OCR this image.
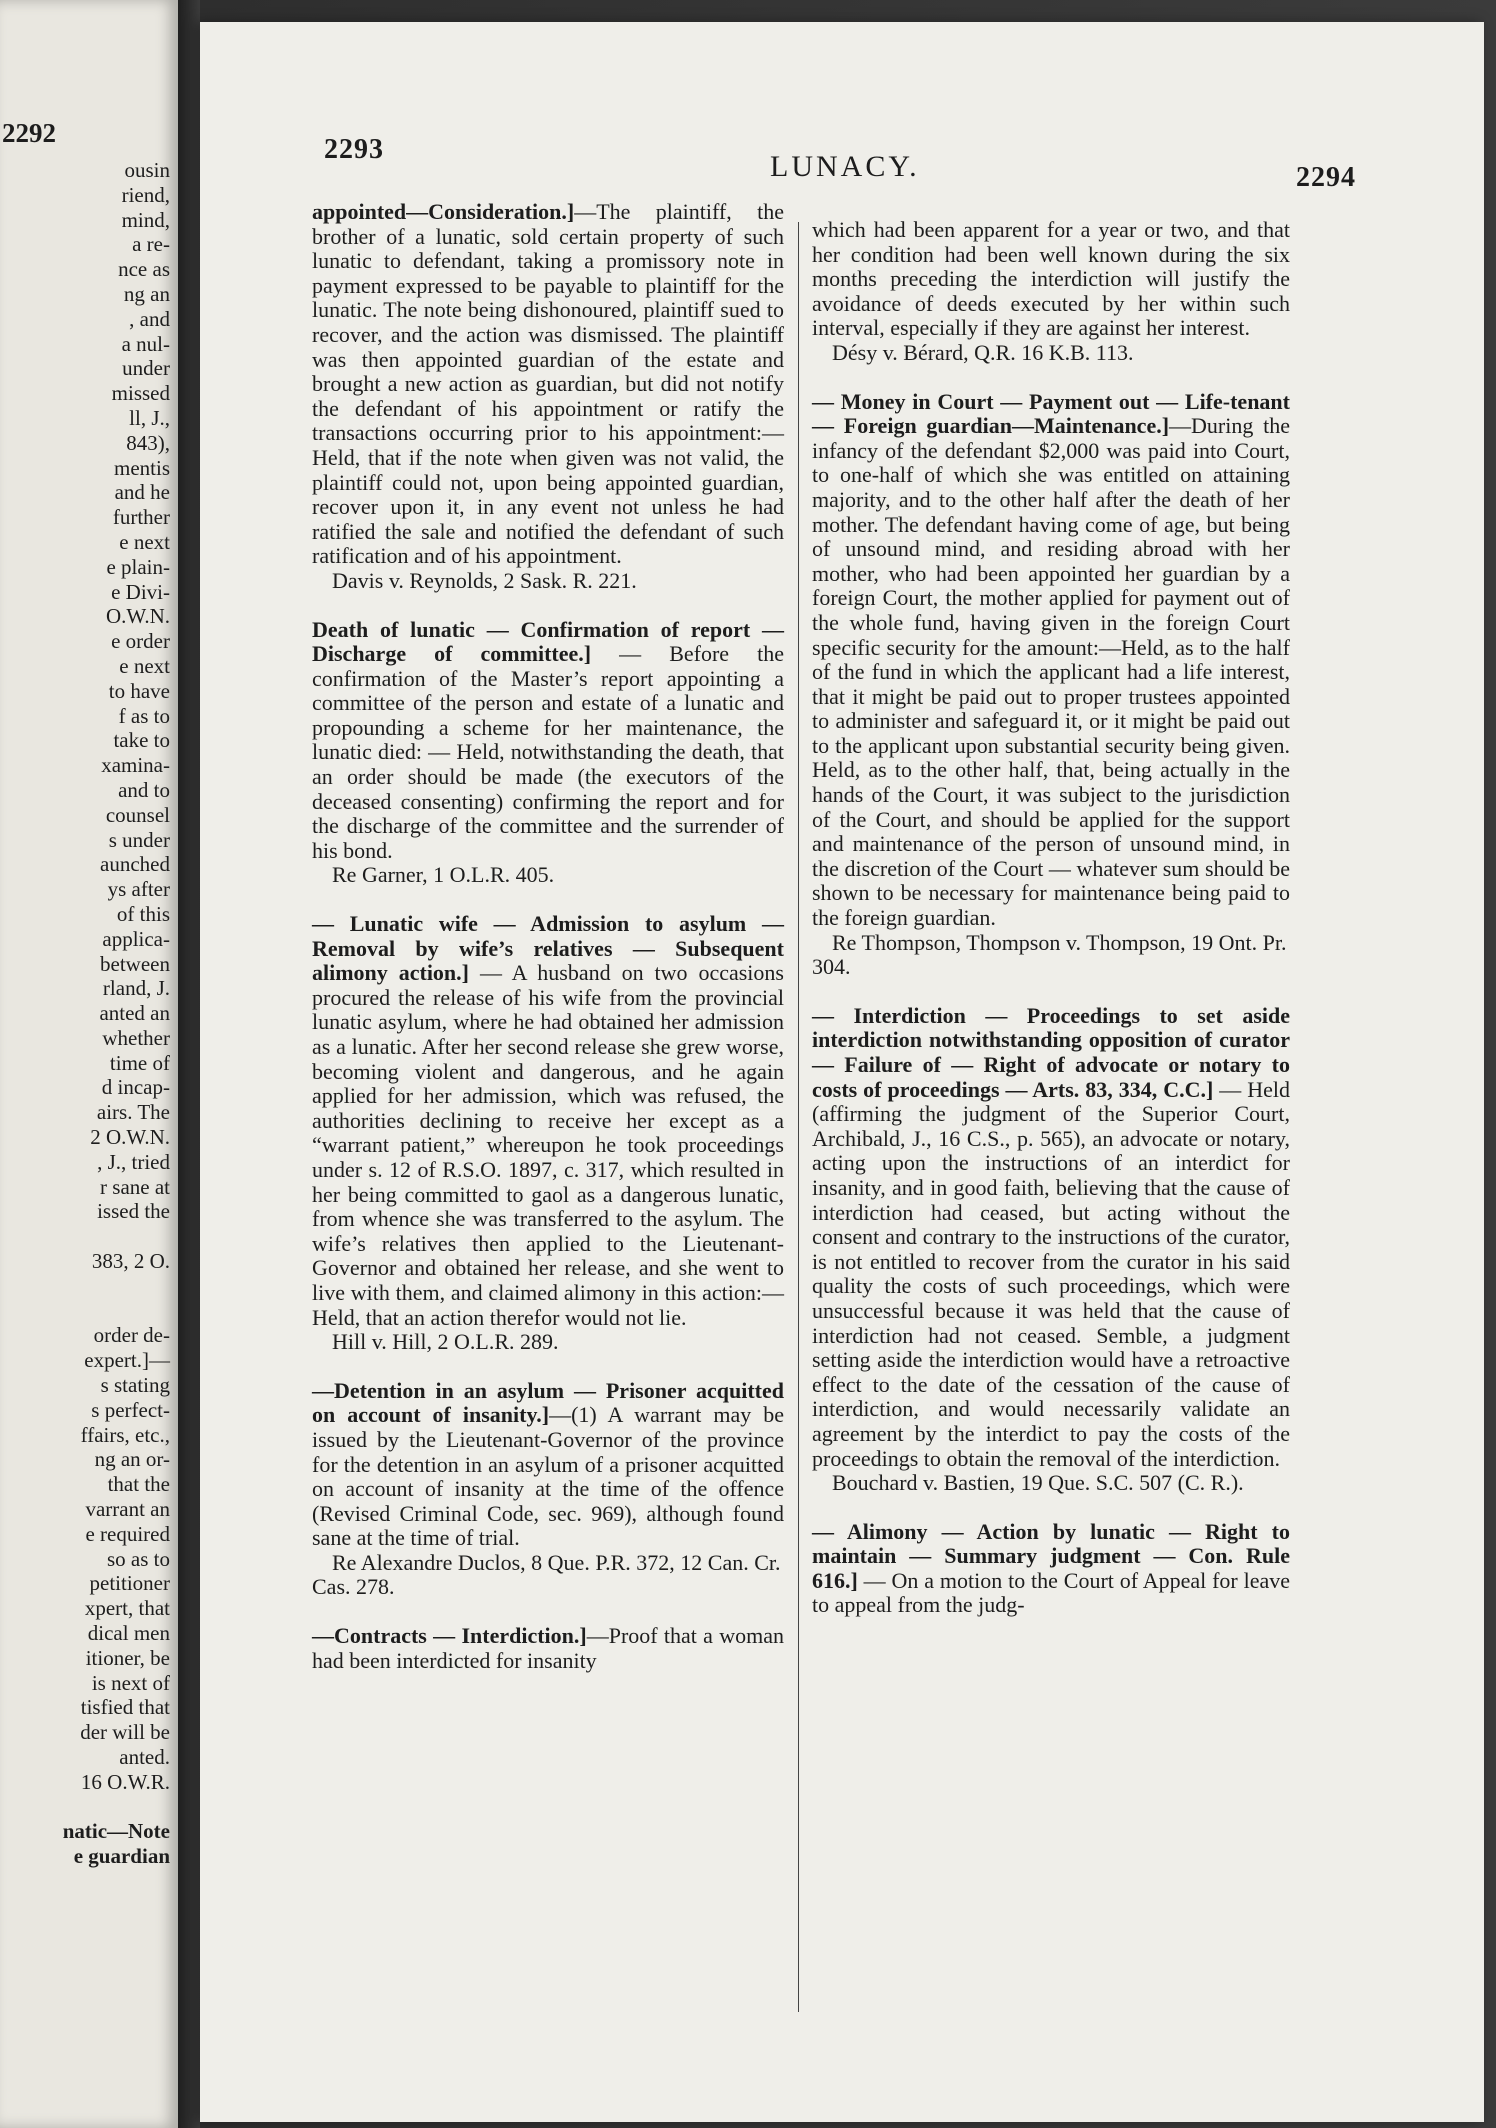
2292
ousin
riend,
mind,
a re-
nce as
ng an
, and
a nul-
under
missed
ll, J.,
843),
mentis
and he
further
e next
e plain-
e Divi-
O.W.N.
e order
e next
to have
f as to
take to
xamina-
and to
counsel
s under
aunched
ys after
of this
applica-
between
rland, J.
anted an
whether
time of
d incap-
airs. The
2 O.W.N.
, J., tried
r sane at
issed the
383, 2 O.
order de-
expert.]—
s stating
s perfect-
ffairs, etc.,
ng an or-
that the
varrant an
e required
so as to
petitioner
xpert, that
dical men
itioner, be
is next of
tisfied that
der will be
anted.
16 O.W.R.
natic—Note
e guardian
2293
LUNACY.	2294

appointed—Consideration.]—The plaintiff, the brother of a lunatic, sold certain property of such lunatic to defendant, taking a promissory note in payment expressed to be payable to plaintiff for the lunatic. The note being dishonoured, plaintiff sued to recover, and the action was dismissed. The plaintiff was then appointed guardian of the estate and brought a new action as guardian, but did not notify the defendant of his appointment or ratify the transactions occurring prior to his appointment:—Held, that if the note when given was not valid, the plaintiff could not, upon being appointed guardian, recover upon it, in any event not unless he had ratified the sale and notified the defendant of such ratification and of his appointment.

Davis v. Reynolds, 2 Sask. R. 221.

Death of lunatic — Confirmation of report — Discharge of committee.] — Before the confirmation of the Master’s report appointing a committee of the person and estate of a lunatic and propounding a scheme for her maintenance, the lunatic died: — Held, notwithstanding the death, that an order should be made (the executors of the deceased consenting) confirming the report and for the discharge of the committee and the surrender of his bond.

Re Garner, 1 O.L.R. 405.

— Lunatic wife — Admission to asylum — Removal by wife’s relatives — Subsequent alimony action.] — A husband on two occasions procured the release of his wife from the provincial lunatic asylum, where he had obtained her admission as a lunatic. After her second release she grew worse, becoming violent and dangerous, and he again applied for her admission, which was refused, the authorities declining to receive her except as a “warrant patient,” whereupon he took proceedings under s. 12 of R.S.O. 1897, c. 317, which resulted in her being committed to gaol as a dangerous lunatic, from whence she was transferred to the asylum. The wife’s relatives then applied to the Lieutenant-Governor and obtained her release, and she went to live with them, and claimed alimony in this action:—Held, that an action therefor would not lie.

Hill v. Hill, 2 O.L.R. 289.

—Detention in an asylum — Prisoner acquitted on account of insanity.]—(1) A warrant may be issued by the Lieutenant-Governor of the province for the detention in an asylum of a prisoner acquitted on account of insanity at the time of the offence (Revised Criminal Code, sec. 969), although found sane at the time of trial.

Re Alexandre Duclos, 8 Que. P.R. 372, 12 Can. Cr. Cas. 278.

—Contracts — Interdiction.]—Proof that a woman had been interdicted for insanity

which had been apparent for a year or two, and that her condition had been well known during the six months preceding the interdiction will justify the avoidance of deeds executed by her within such interval, especially if they are against her interest.

Désy v. Bérard, Q.R. 16 K.B. 113.

— Money in Court — Payment out — Life-tenant — Foreign guardian—Maintenance.]—During the infancy of the defendant $2,000 was paid into Court, to one-half of which she was entitled on attaining majority, and to the other half after the death of her mother. The defendant having come of age, but being of unsound mind, and residing abroad with her mother, who had been appointed her guardian by a foreign Court, the mother applied for payment out of the whole fund, having given in the foreign Court specific security for the amount:—Held, as to the half of the fund in which the applicant had a life interest, that it might be paid out to proper trustees appointed to administer and safeguard it, or it might be paid out to the applicant upon substantial security being given. Held, as to the other half, that, being actually in the hands of the Court, it was subject to the jurisdiction of the Court, and should be applied for the support and maintenance of the person of unsound mind, in the discretion of the Court — whatever sum should be shown to be necessary for maintenance being paid to the foreign guardian.

Re Thompson, Thompson v. Thompson, 19 Ont. Pr. 304.

— Interdiction — Proceedings to set aside interdiction notwithstanding opposition of curator — Failure of — Right of advocate or notary to costs of proceedings — Arts. 83, 334, C.C.] — Held (affirming the judgment of the Superior Court, Archibald, J., 16 C.S., p. 565), an advocate or notary, acting upon the instructions of an interdict for insanity, and in good faith, believing that the cause of interdiction had ceased, but acting without the consent and contrary to the instructions of the curator, is not entitled to recover from the curator in his said quality the costs of such proceedings, which were unsuccessful because it was held that the cause of interdiction had not ceased. Semble, a judgment setting aside the interdiction would have a retroactive effect to the date of the cessation of the cause of interdiction, and would necessarily validate an agreement by the interdict to pay the costs of the proceedings to obtain the removal of the interdiction.

Bouchard v. Bastien, 19 Que. S.C. 507 (C. R.).

— Alimony — Action by lunatic — Right to maintain — Summary judgment — Con. Rule 616.] — On a motion to the Court of Appeal for leave to appeal from the judg-
